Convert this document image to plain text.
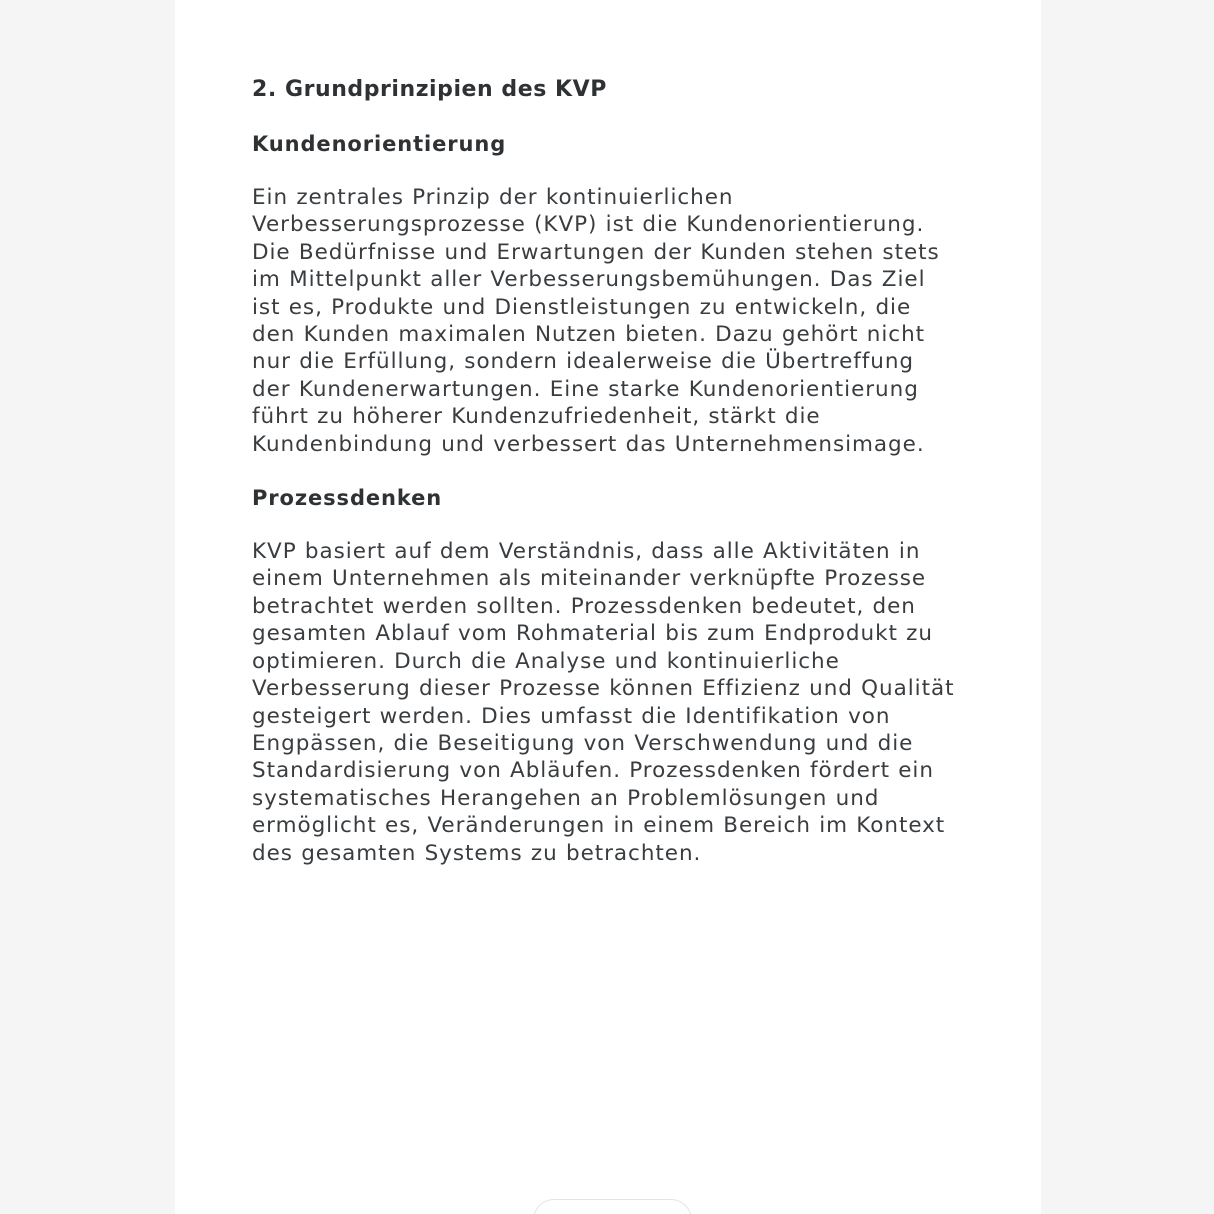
2. Grundprinzipien des KVP
Kundenorientierung

Ein zentrales Prinzip der kontinuierlichen Verbesserungsprozesse (KVP) ist die Kundenorientierung. Die Bedürfnisse und Erwartungen der Kunden stehen stets im Mittelpunkt aller Verbesserungsbemühungen. Das Ziel ist es, Produkte und Dienstleistungen zu entwickeln, die den Kunden maximalen Nutzen bieten. Dazu gehört nicht nur die Erfüllung, sondern idealerweise die Übertreffung der Kundenerwartungen. Eine starke Kundenorientierung führt zu höherer Kundenzufriedenheit, stärkt die Kundenbindung und verbessert das Unternehmensimage.

Prozessdenken

KVP basiert auf dem Verständnis, dass alle Aktivitäten in einem Unternehmen als miteinander verknüpfte Prozesse betrachtet werden sollten. Prozessdenken bedeutet, den gesamten Ablauf vom Rohmaterial bis zum Endprodukt zu optimieren. Durch die Analyse und kontinuierliche Verbesserung dieser Prozesse können Effizienz und Qualität gesteigert werden. Dies umfasst die Identifikation von Engpässen, die Beseitigung von Verschwendung und die Standardisierung von Abläufen. Prozessdenken fördert ein systematisches Herangehen an Problemlösungen und ermöglicht es, Veränderungen in einem Bereich im Kontext des gesamten Systems zu betrachten.
